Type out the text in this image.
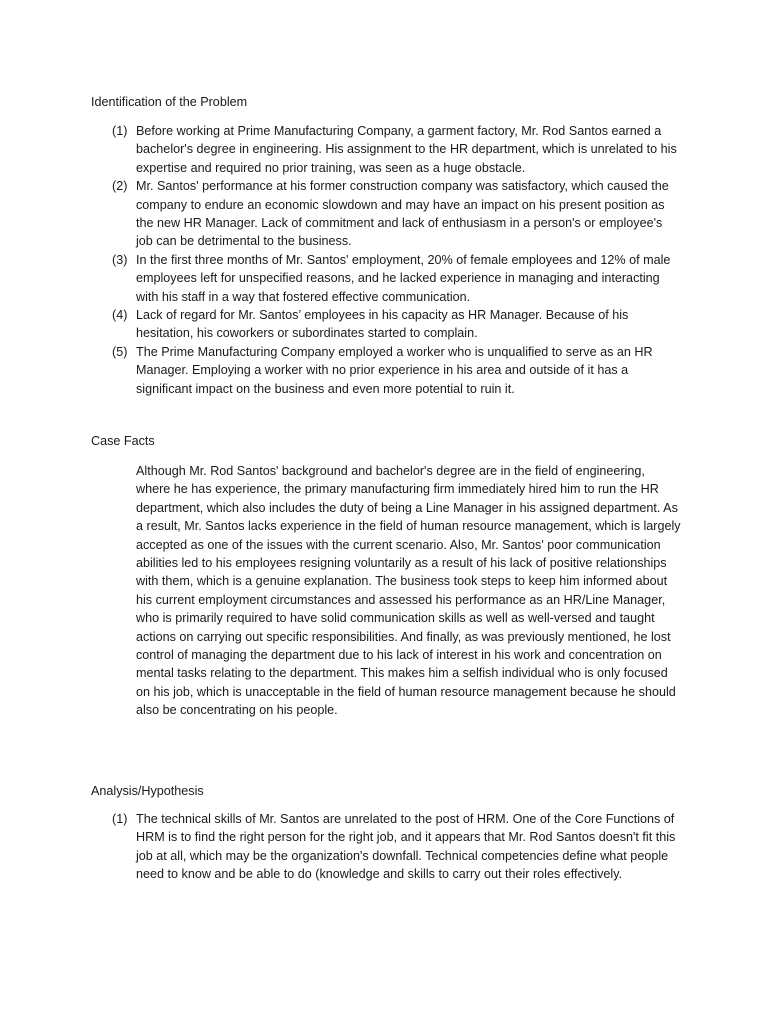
Identification of the Problem
(1) Before working at Prime Manufacturing Company, a garment factory, Mr. Rod Santos earned a bachelor's degree in engineering. His assignment to the HR department, which is unrelated to his expertise and required no prior training, was seen as a huge obstacle.
(2) Mr. Santos' performance at his former construction company was satisfactory, which caused the company to endure an economic slowdown and may have an impact on his present position as the new HR Manager. Lack of commitment and lack of enthusiasm in a person's or employee's job can be detrimental to the business.
(3) In the first three months of Mr. Santos' employment, 20% of female employees and 12% of male employees left for unspecified reasons, and he lacked experience in managing and interacting with his staff in a way that fostered effective communication.
(4) Lack of regard for Mr. Santos’ employees in his capacity as HR Manager. Because of his hesitation, his coworkers or subordinates started to complain.
(5) The Prime Manufacturing Company employed a worker who is unqualified to serve as an HR Manager. Employing a worker with no prior experience in his area and outside of it has a significant impact on the business and even more potential to ruin it.
Case Facts

Although Mr. Rod Santos' background and bachelor's degree are in the field of engineering, where he has experience, the primary manufacturing firm immediately hired him to run the HR department, which also includes the duty of being a Line Manager in his assigned department. As a result, Mr. Santos lacks experience in the field of human resource management, which is largely accepted as one of the issues with the current scenario. Also, Mr. Santos' poor communication abilities led to his employees resigning voluntarily as a result of his lack of positive relationships with them, which is a genuine explanation. The business took steps to keep him informed about his current employment circumstances and assessed his performance as an HR/Line Manager, who is primarily required to have solid communication skills as well as well-versed and taught actions on carrying out specific responsibilities. And finally, as was previously mentioned, he lost control of managing the department due to his lack of interest in his work and concentration on mental tasks relating to the department. This makes him a selfish individual who is only focused on his job, which is unacceptable in the field of human resource management because he should also be concentrating on his people.

Analysis/Hypothesis
(1) The technical skills of Mr. Santos are unrelated to the post of HRM. One of the Core Functions of HRM is to find the right person for the right job, and it appears that Mr. Rod Santos doesn't fit this job at all, which may be the organization's downfall. Technical competencies define what people need to know and be able to do (knowledge and skills to carry out their roles effectively.
